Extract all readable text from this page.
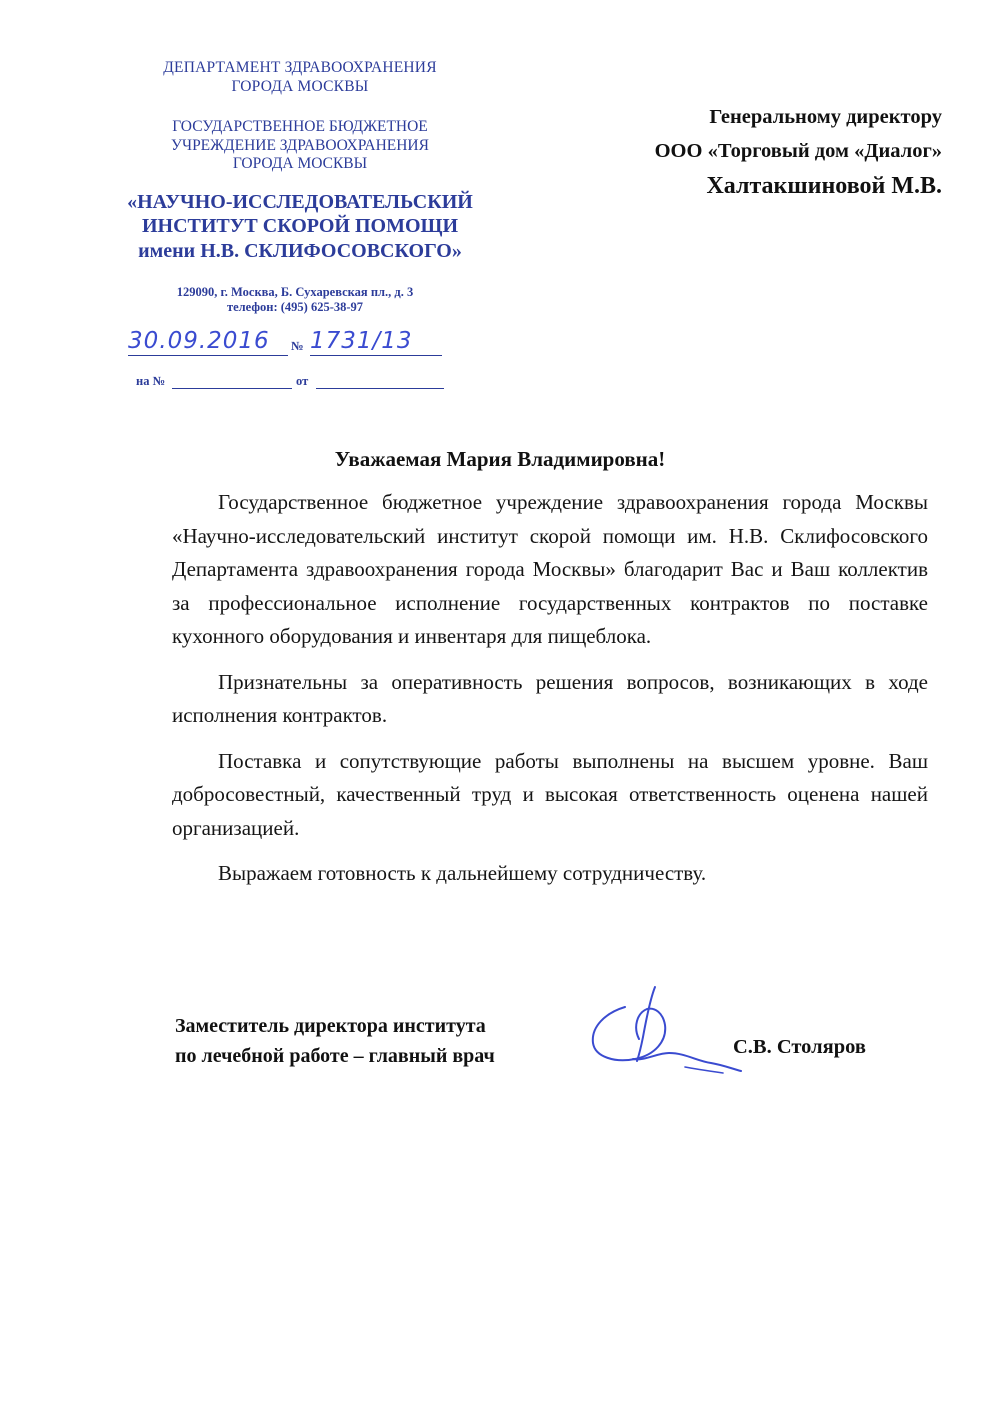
ДЕПАРТАМЕНТ ЗДРАВООХРАНЕНИЯ
ГОРОДА МОСКВЫ
ГОСУДАРСТВЕННОЕ БЮДЖЕТНОЕ
УЧРЕЖДЕНИЕ ЗДРАВООХРАНЕНИЯ
ГОРОДА МОСКВЫ
«НАУЧНО-ИССЛЕДОВАТЕЛЬСКИЙ
ИНСТИТУТ СКОРОЙ ПОМОЩИ
имени Н.В. СКЛИФОСОВСКОГО»
129090, г. Москва, Б. Сухаревская пл., д. 3
телефон: (495) 625-38-97
30.09.2016	№ 1731/13
на №	от
Генеральному директору
ООО «Торговый дом «Диалог»
Халтакшиновой М.В.
Уважаемая Мария Владимировна!

Государственное бюджетное учреждение здравоохранения города Москвы «Научно-исследовательский институт скорой помощи им. Н.В. Склифосовского Департамента здравоохранения города Москвы» благодарит Вас и Ваш коллектив за профессиональное исполнение государственных контрактов по поставке кухонного оборудования и инвентаря для пищеблока.

Признательны за оперативность решения вопросов, возникающих в ходе исполнения контрактов.

Поставка и сопутствующие работы выполнены на высшем уровне. Ваш добросовестный, качественный труд и высокая ответственность оценена нашей организацией.

Выражаем готовность к дальнейшему сотрудничеству.

Заместитель директора института
по лечебной работе – главный врач	С.В. Столяров
